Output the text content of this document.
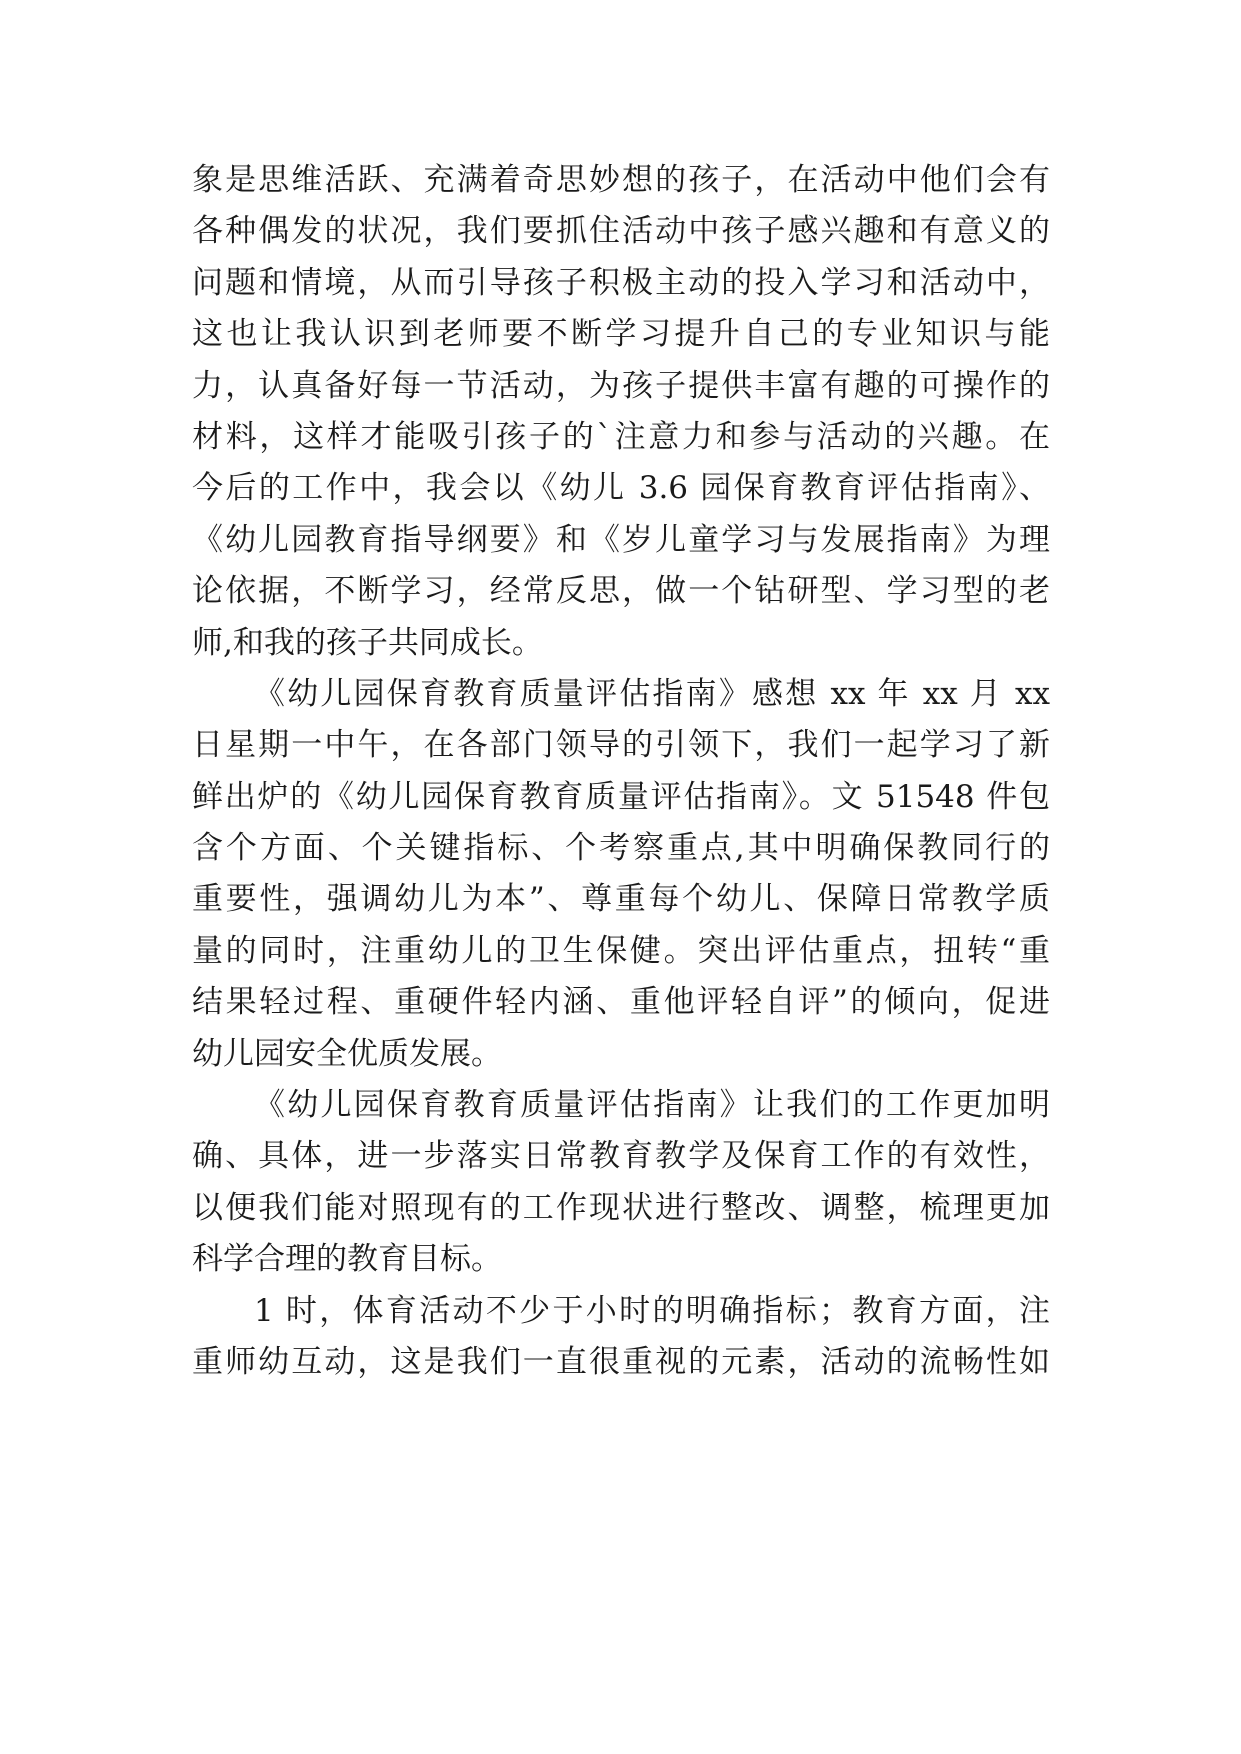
象是思维活跃、充满着奇思妙想的孩子，在活动中他们会有
各种偶发的状况，我们要抓住活动中孩子感兴趣和有意义的
问题和情境，从而引导孩子积极主动的投入学习和活动中，
这也让我认识到老师要不断学习提升自己的专业知识与能
力，认真备好每一节活动，为孩子提供丰富有趣的可操作的
材料，这样才能吸引孩子的`注意力和参与活动的兴趣。在
今后的工作中，我会以《幼儿 3.6 园保育教育评估指南》、
《幼儿园教育指导纲要》和《岁儿童学习与发展指南》为理
论依据，不断学习，经常反思，做一个钻研型、学习型的老
师,和我的孩子共同成长。
《幼儿园保育教育质量评估指南》感想 xx 年 xx 月 xx
日星期一中午，在各部门领导的引领下，我们一起学习了新
鲜出炉的《幼儿园保育教育质量评估指南》。文 51548 件包
含个方面、个关键指标、个考察重点,其中明确保教同行的
重要性，强调幼儿为本”、尊重每个幼儿、保障日常教学质
量的同时，注重幼儿的卫生保健。突出评估重点，扭转“重
结果轻过程、重硬件轻内涵、重他评轻自评”的倾向，促进
幼儿园安全优质发展。
《幼儿园保育教育质量评估指南》让我们的工作更加明
确、具体，进一步落实日常教育教学及保育工作的有效性，
以便我们能对照现有的工作现状进行整改、调整，梳理更加
科学合理的教育目标。
1 时，体育活动不少于小时的明确指标；教育方面，注
重师幼互动，这是我们一直很重视的元素，活动的流畅性如
